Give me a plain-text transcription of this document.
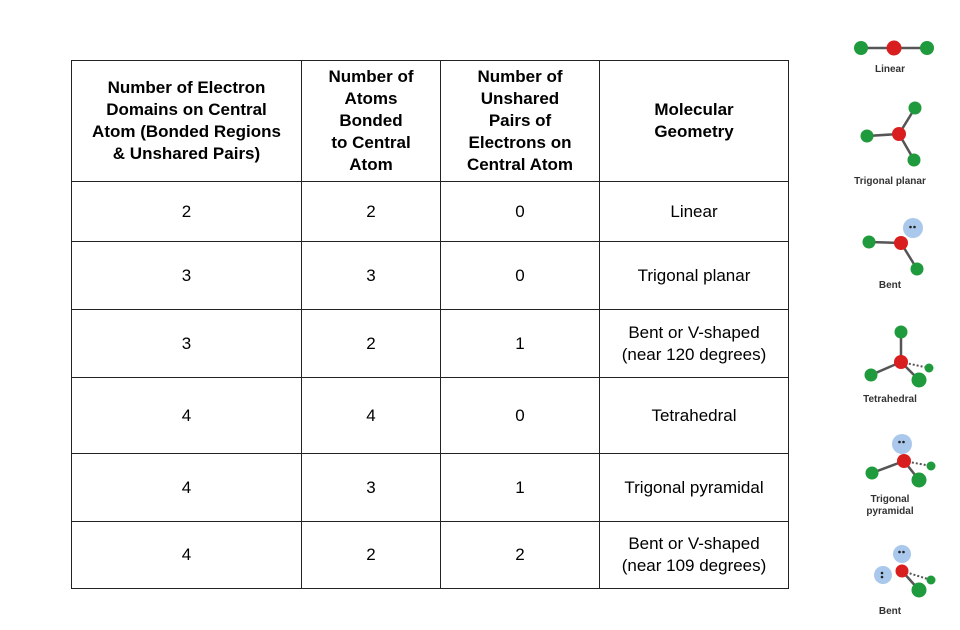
Number of Electron
Domains on Central
Atom (Bonded Regions
& Unshared Pairs)	Number of
Atoms
Bonded
to Central
Atom	Number of
Unshared
Pairs of
Electrons on
Central Atom	Molecular
Geometry

2	2	0	Linear

3	3	0	Trigonal planar

3	2	1	Bent or V-shaped
(near 120 degrees)

4	4	0	Tetrahedral

4	3	1	Trigonal pyramidal

4	2	2	Bent or V-shaped
(near 109 degrees)
Linear
Trigonal planar
Bent
Tetrahedral
Trigonal
pyramidal
Bent
